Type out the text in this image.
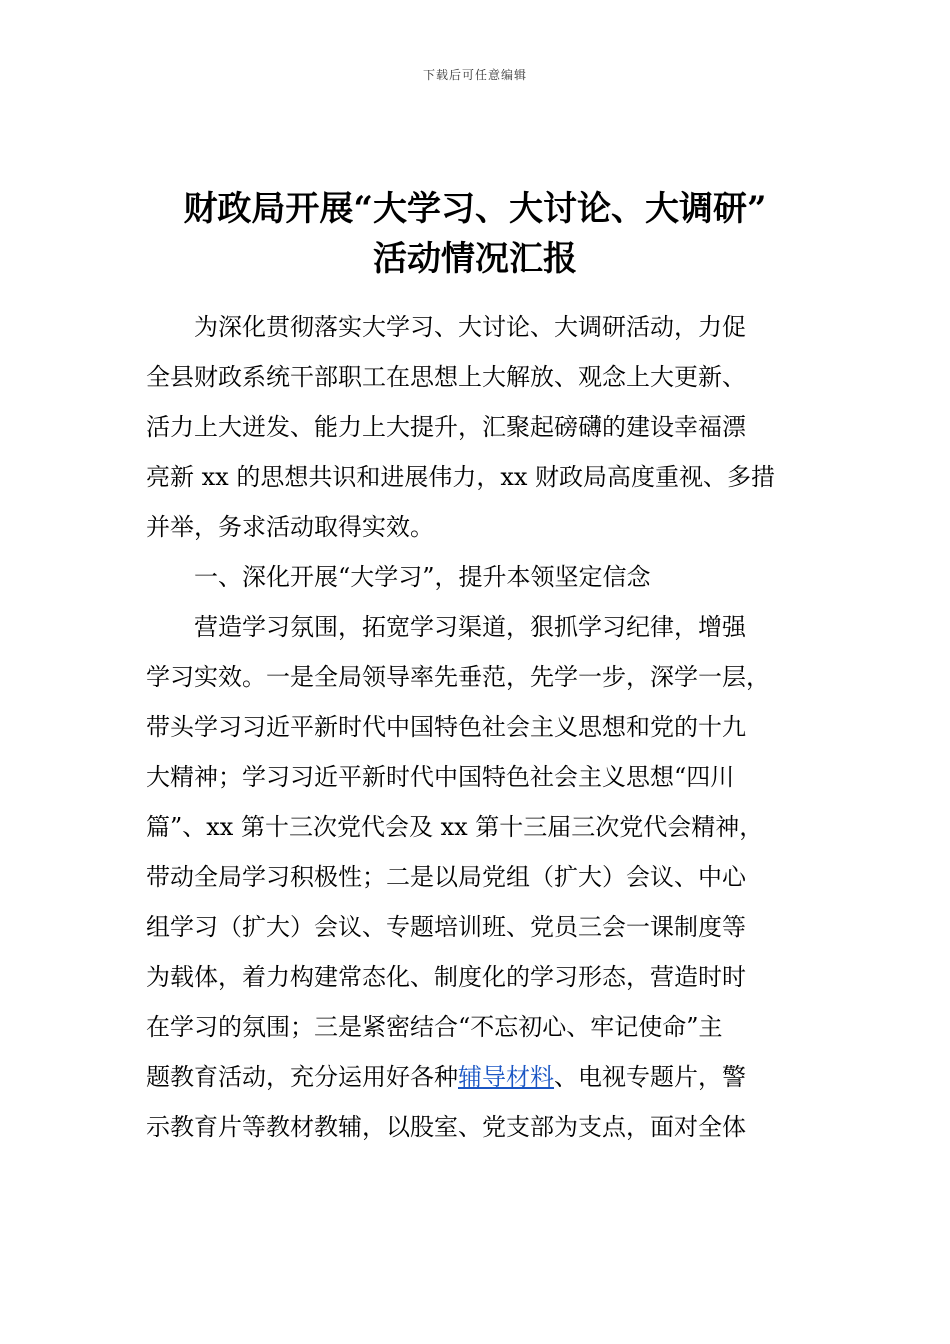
下载后可任意编辑
财政局开展“大学习、大讨论、大调研”
活动情况汇报
为深化贯彻落实大学习、大讨论、大调研活动，力促
全县财政系统干部职工在思想上大解放、观念上大更新、
活力上大迸发、能力上大提升，汇聚起磅礴的建设幸福漂
亮新 xx 的思想共识和进展伟力，xx 财政局高度重视、多措
并举，务求活动取得实效。
一、深化开展“大学习”，提升本领坚定信念
营造学习氛围，拓宽学习渠道，狠抓学习纪律，增强
学习实效。一是全局领导率先垂范，先学一步，深学一层，
带头学习习近平新时代中国特色社会主义思想和党的十九
大精神；学习习近平新时代中国特色社会主义思想“四川
篇”、xx 第十三次党代会及 xx 第十三届三次党代会精神，
带动全局学习积极性；二是以局党组（扩大）会议、中心
组学习（扩大）会议、专题培训班、党员三会一课制度等
为载体，着力构建常态化、制度化的学习形态，营造时时
在学习的氛围；三是紧密结合“不忘初心、牢记使命”主
题教育活动，充分运用好各种辅导材料、电视专题片，警
示教育片等教材教辅，以股室、党支部为支点，面对全体
